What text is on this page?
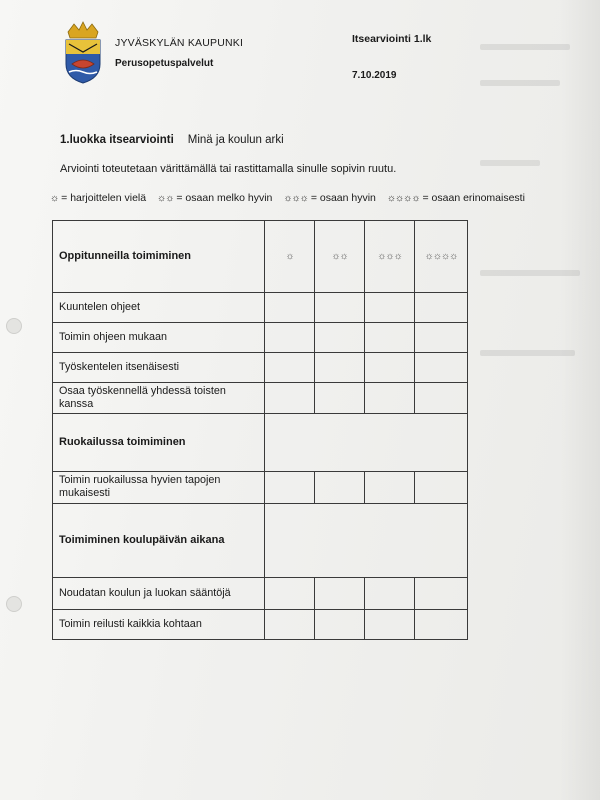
JYVÄSKYLÄN KAUPUNKI
Perusopetuspalvelut
Itsearviointi 1.lk
7.10.2019
1.luokka itsearviointi Minä ja koulun arki
Arviointi toteutetaan värittämällä tai rastittamalla sinulle sopivin ruutu.
☼ = harjoittelen vielä ☼☼ = osaan melko hyvin ☼☼☼ = osaan hyvin ☼☼☼☼ = osaan erinomaisesti
Oppitunneilla toimiminen	☼	☼☼	☼☼☼	☼☼☼☼
Kuuntelen ohjeet				
Toimin ohjeen mukaan				
Työskentelen itsenäisesti				
Osaa työskennellä yhdessä toisten kanssa				
Ruokailussa toimiminen				
Toimin ruokailussa hyvien tapojen mukaisesti				
Toimiminen koulupäivän aikana				
Noudatan koulun ja luokan sääntöjä				
Toimin reilusti kaikkia kohtaan				
